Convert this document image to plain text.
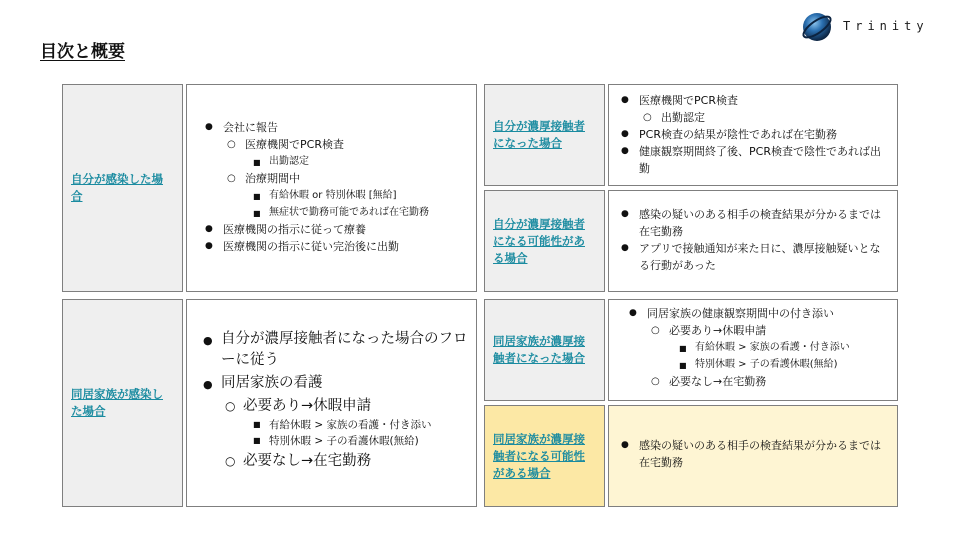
目次と概要
Trinity
自分が感染した場合
● 会社に報告
○ 医療機関でPCR検査
■ 出勤認定
○ 治療期間中
■ 有給休暇 or 特別休暇 [無給]
■ 無症状で勤務可能であれば在宅勤務
● 医療機関の指示に従って療養
● 医療機関の指示に従い完治後に出勤
自分が濃厚接触者になった場合
● 医療機関でPCR検査
○ 出勤認定
● PCR検査の結果が陰性であれば在宅勤務
● 健康観察期間終了後、PCR検査で陰性であれば出勤
自分が濃厚接触者になる可能性がある場合
● 感染の疑いのある相手の検査結果が分かるまでは在宅勤務
● アプリで接触通知が来た日に、濃厚接触疑いとなる行動があった
同居家族が感染した場合
● 自分が濃厚接触者になった場合のフローに従う
● 同居家族の看護
○ 必要あり→休暇申請
■ 有給休暇 > 家族の看護・付き添い
■ 特別休暇 > 子の看護休暇(無給)
○ 必要なし→在宅勤務
同居家族が濃厚接触者になった場合
● 同居家族の健康観察期間中の付き添い
○ 必要あり→休暇申請
■ 有給休暇 > 家族の看護・付き添い
■ 特別休暇 > 子の看護休暇(無給)
○ 必要なし→在宅勤務
同居家族が濃厚接触者になる可能性がある場合
● 感染の疑いのある相手の検査結果が分かるまでは在宅勤務
